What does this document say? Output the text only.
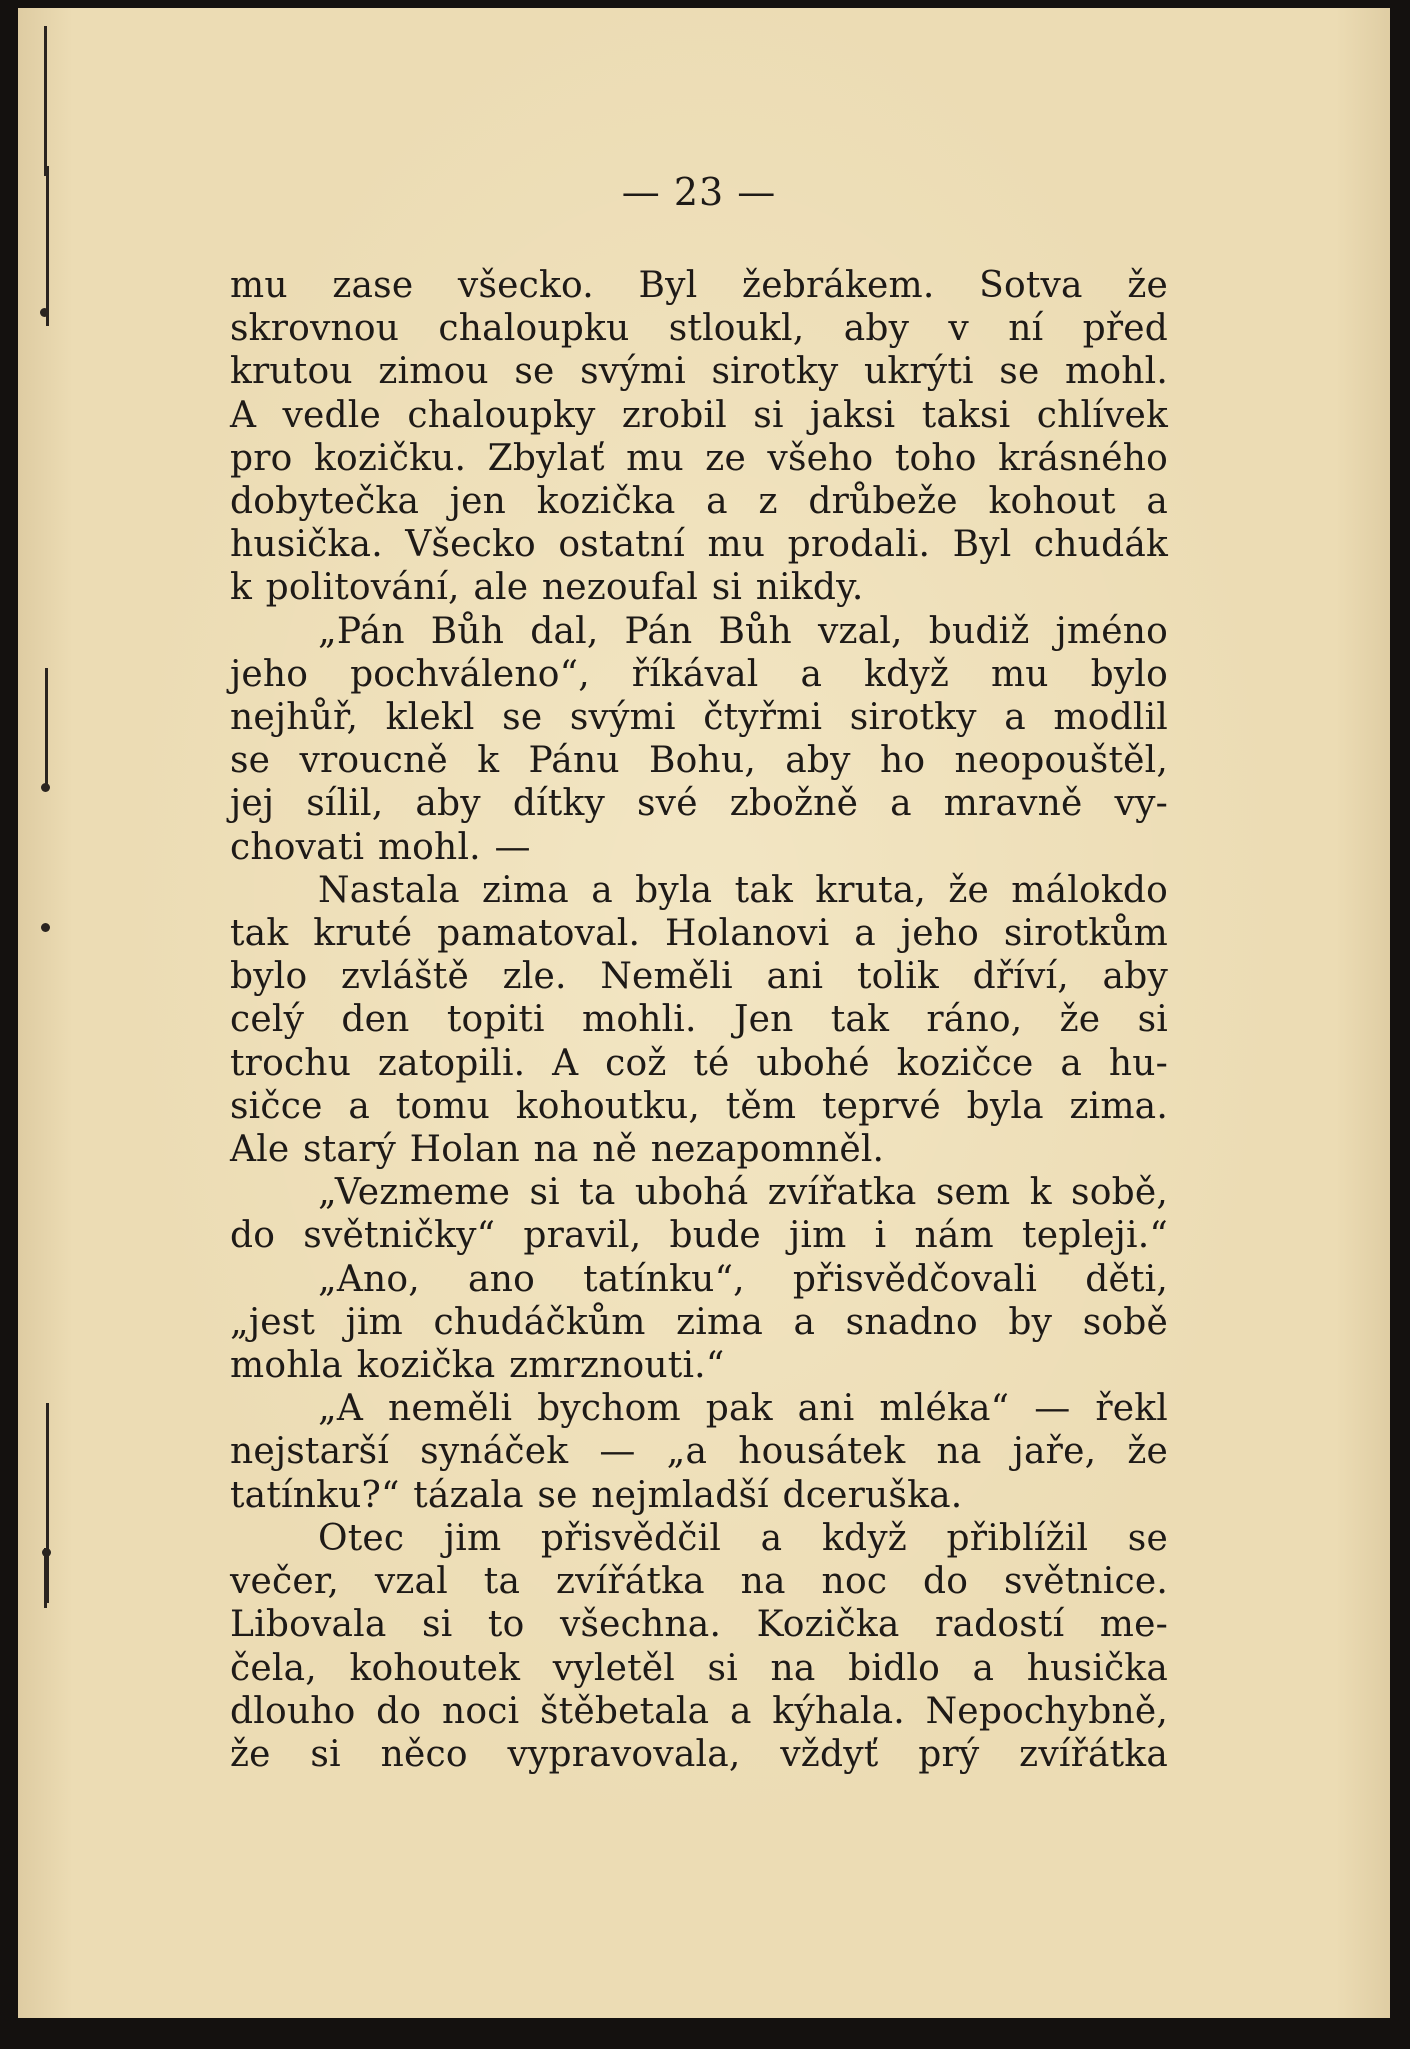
— 23 —

mu zase všecko. Byl žebrákem. Sotva že

skrovnou chaloupku stloukl, aby v ní před

krutou zimou se svými sirotky ukrýti se mohl.

A vedle chaloupky zrobil si jaksi taksi chlívek

pro kozičku. Zbylať mu ze všeho toho krásného

dobytečka jen kozička a z drůbeže kohout a

husička. Všecko ostatní mu prodali. Byl chudák

k politování, ale nezoufal si nikdy.

„Pán Bůh dal, Pán Bůh vzal, budiž jméno

jeho pochváleno“, říkával a když mu bylo

nejhůř, klekl se svými čtyřmi sirotky a modlil

se vroucně k Pánu Bohu, aby ho neopouštěl,

jej sílil, aby dítky své zbožně a mravně vy-

chovati mohl. —

Nastala zima a byla tak kruta, že málokdo

tak kruté pamatoval. Holanovi a jeho sirotkům

bylo zvláště zle. Neměli ani tolik dříví, aby

celý den topiti mohli. Jen tak ráno, že si

trochu zatopili. A což té ubohé kozičce a hu-

sičce a tomu kohoutku, těm teprvé byla zima.

Ale starý Holan na ně nezapomněl.

„Vezmeme si ta ubohá zvířatka sem k sobě,

do světničky“ pravil, bude jim i nám tepleji.“

„Ano, ano tatínku“, přisvědčovali děti,

„jest jim chudáčkům zima a snadno by sobě

mohla kozička zmrznouti.“

„A neměli bychom pak ani mléka“ — řekl

nejstarší synáček — „a housátek na jaře, že

tatínku?“ tázala se nejmladší dceruška.

Otec jim přisvědčil a když přiblížil se

večer, vzal ta zvířátka na noc do světnice.

Libovala si to všechna. Kozička radostí me-

čela, kohoutek vyletěl si na bidlo a husička

dlouho do noci štěbetala a kýhala. Nepochybně,

že si něco vypravovala, vždyť prý zvířátka
